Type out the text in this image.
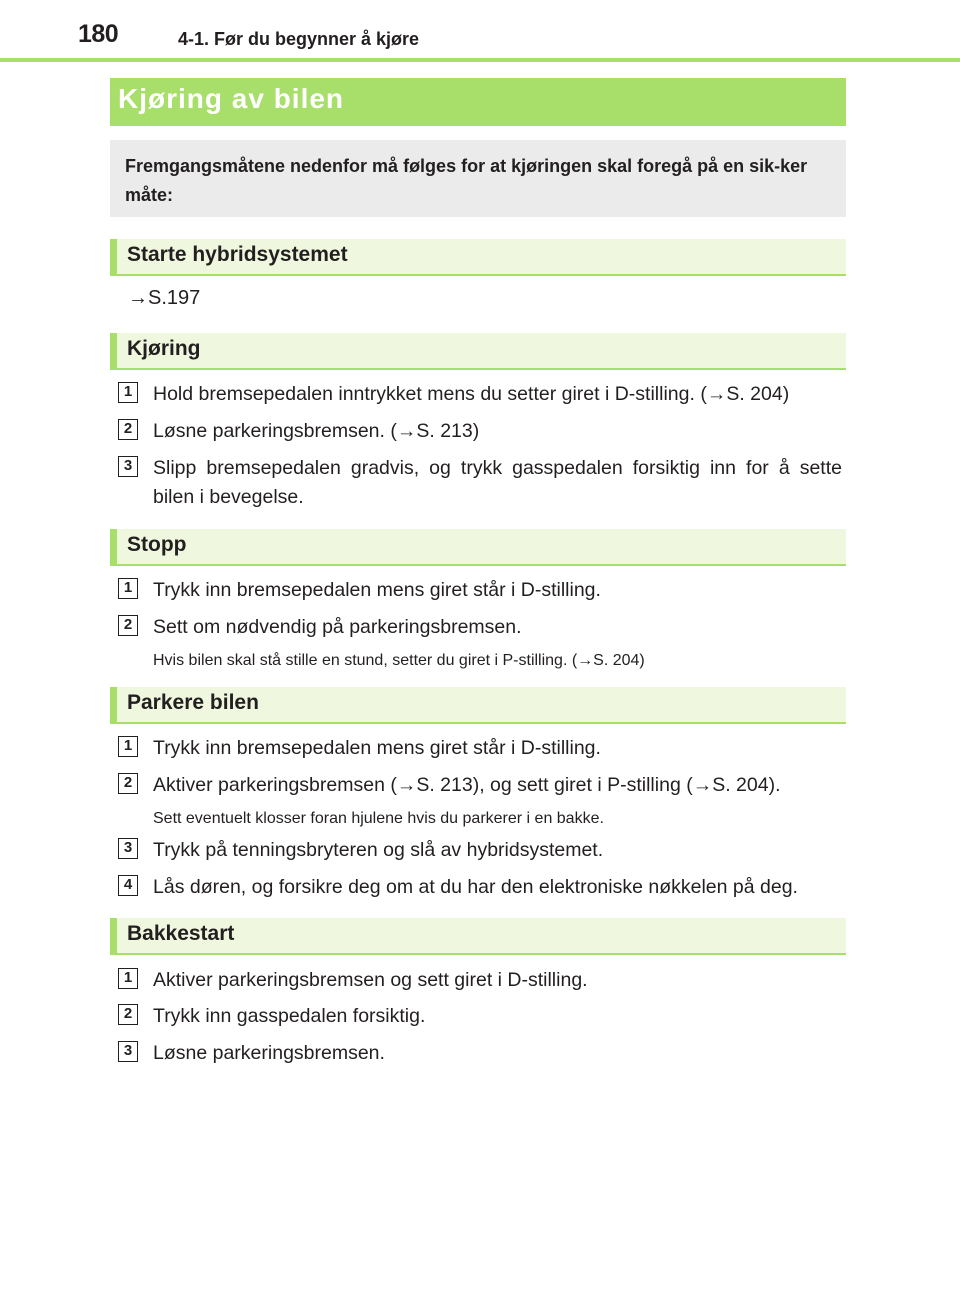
180	4-1. Før du begynner å kjøre
Kjøring av bilen
Fremgangsmåtene nedenfor må følges for at kjøringen skal foregå på en sik-ker måte:
Starte hybridsystemet
→S.197
Kjøring
1 Hold bremsepedalen inntrykket mens du setter giret i D-stilling. (→S. 204)
2 Løsne parkeringsbremsen. (→S. 213)
3 Slipp bremsepedalen gradvis, og trykk gasspedalen forsiktig inn for å sette bilen i bevegelse.
Stopp
1 Trykk inn bremsepedalen mens giret står i D-stilling.
2 Sett om nødvendig på parkeringsbremsen.
Hvis bilen skal stå stille en stund, setter du giret i P-stilling. (→S. 204)
Parkere bilen
1 Trykk inn bremsepedalen mens giret står i D-stilling.
2 Aktiver parkeringsbremsen (→S. 213), og sett giret i P-stilling (→S. 204).
Sett eventuelt klosser foran hjulene hvis du parkerer i en bakke.
3 Trykk på tenningsbryteren og slå av hybridsystemet.
4 Lås døren, og forsikre deg om at du har den elektroniske nøkkelen på deg.
Bakkestart
1 Aktiver parkeringsbremsen og sett giret i D-stilling.
2 Trykk inn gasspedalen forsiktig.
3 Løsne parkeringsbremsen.
